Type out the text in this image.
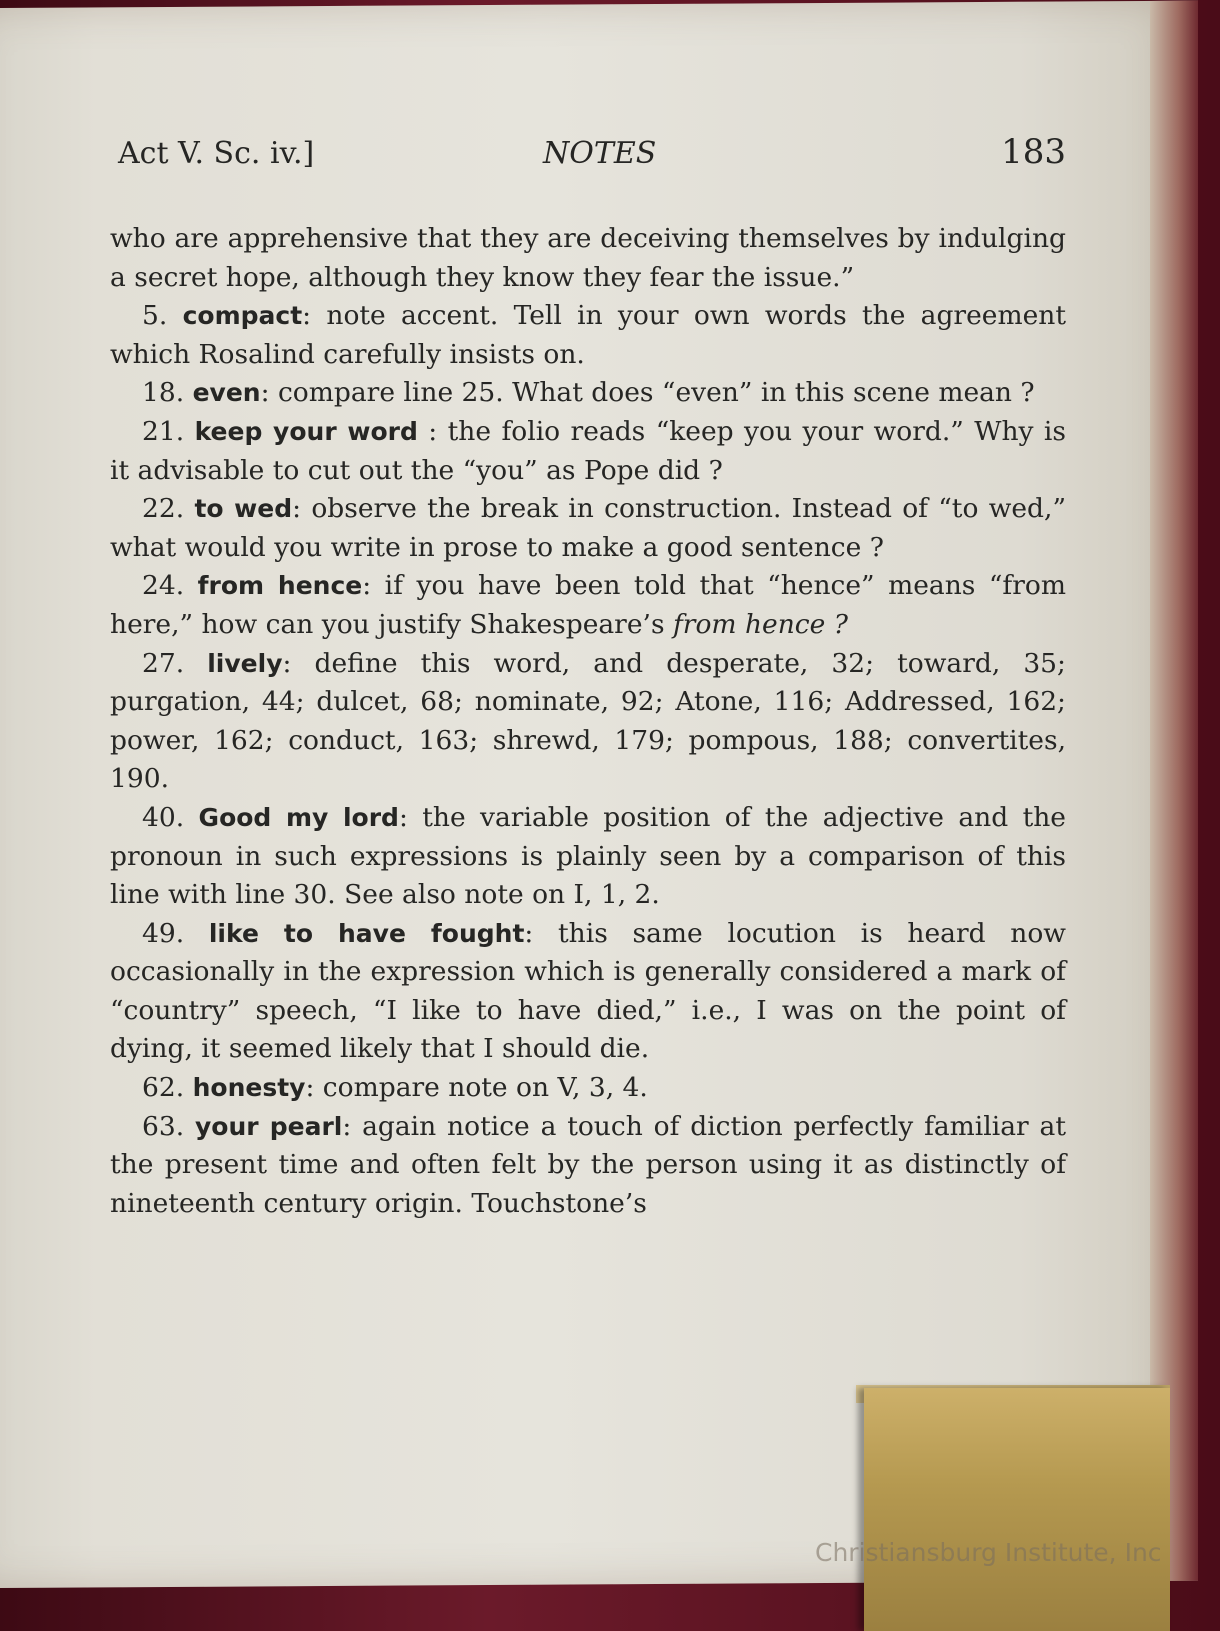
Act V. Sc. iv.]	NOTES	183

who are apprehensive that they are deceiving themselves by indulging a secret hope, although they know they fear the issue.”

5. compact: note accent. Tell in your own words the agreement which Rosalind carefully insists on.

18. even: compare line 25. What does “even” in this scene mean ?

21. keep your word : the folio reads “keep you your word.” Why is it advisable to cut out the “you” as Pope did ?

22. to wed: observe the break in construction. Instead of “to wed,” what would you write in prose to make a good sentence ?

24. from hence: if you have been told that “hence” means “from here,” how can you justify Shakespeare’s from hence ?

27. lively: define this word, and desperate, 32; toward, 35; purgation, 44; dulcet, 68; nominate, 92; Atone, 116; Addressed, 162; power, 162; conduct, 163; shrewd, 179; pompous, 188; convertites, 190.

40. Good my lord: the variable position of the adjective and the pronoun in such expressions is plainly seen by a comparison of this line with line 30. See also note on I, 1, 2.

49. like to have fought: this same locution is heard now occasionally in the expression which is generally considered a mark of “country” speech, “I like to have died,” i.e., I was on the point of dying, it seemed likely that I should die.

62. honesty: compare note on V, 3, 4.

63. your pearl: again notice a touch of diction perfectly familiar at the present time and often felt by the person using it as distinctly of nineteenth century origin. Touchstone’s

Christiansburg Institute, Inc
